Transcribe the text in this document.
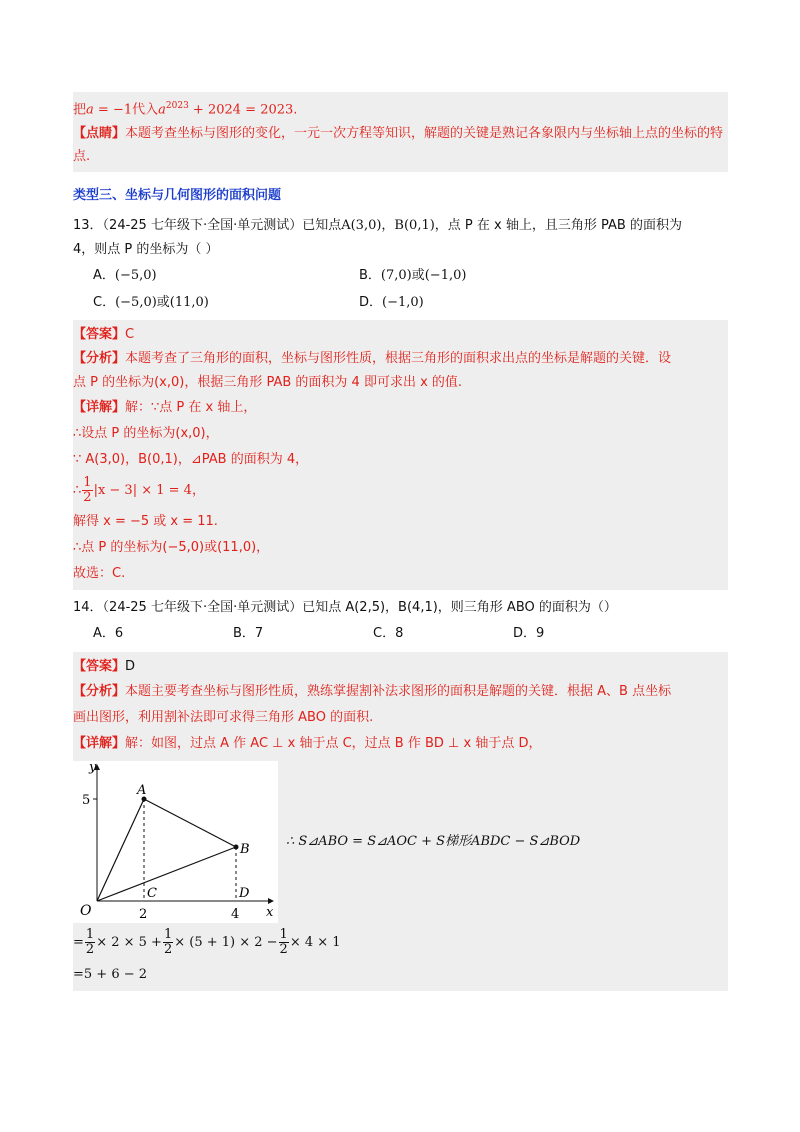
把a = −1代入$a^{2023} + 2024 = 2023$.
【点睛】本题考查坐标与图形的变化，一元一次方程等知识，解题的关键是熟记各象限内与坐标轴上点的坐标的特点.
类型三、坐标与几何图形的面积问题
13．（24-25 七年级下·全国·单元测试）已知点A(3,0)，B(0,1)，点 P 在 x 轴上，且三角形 PAB 的面积为
4，则点 P 的坐标为（ ）
A．(−5,0)	B．(7,0)或(−1,0)
C．(−5,0)或(11,0)	D．(−1,0)
【答案】C
【分析】本题考查了三角形的面积，坐标与图形性质，根据三角形的面积求出点的坐标是解题的关键．设
点 P 的坐标为(x,0)，根据三角形 PAB 的面积为 4 即可求出 x 的值.
【详解】解：∵点 P 在 x 轴上，
∴设点 P 的坐标为(x,0)，
∵ A(3,0)，B(0,1)，⊿PAB 的面积为 4，
∴ $\frac{1}{2} |x - 3| \times 1 = 4$，
解得 x = −5 或 x = 11.
∴点 P 的坐标为(−5,0)或(11,0)，
故选：C.
14．（24-25 七年级下·全国·单元测试）已知点 A(2,5)，B(4,1)，则三角形 ABO 的面积为（）
A．6	B．7	C．8	D．9
【答案】D
【分析】本题主要考查坐标与图形性质，熟练掌握割补法求图形的面积是解题的关键．根据 A、B 点坐标
画出图形，利用割补法即可求得三角形 ABO 的面积.
【详解】解：如图，过点 A 作 AC ⊥ x 轴于点 C，过点 B 作 BD ⊥ x 轴于点 D，
y
x
O
5
2	4
A
B
C	D
∴ S⊿ABO = S⊿AOC + S梯形ABDC − S⊿BOD
= $\frac{1}{2} \times 2 \times 5 + \frac{1}{2} \times (5 + 1) \times 2 - \frac{1}{2} \times 4 \times 1$
=5 + 6 − 2
